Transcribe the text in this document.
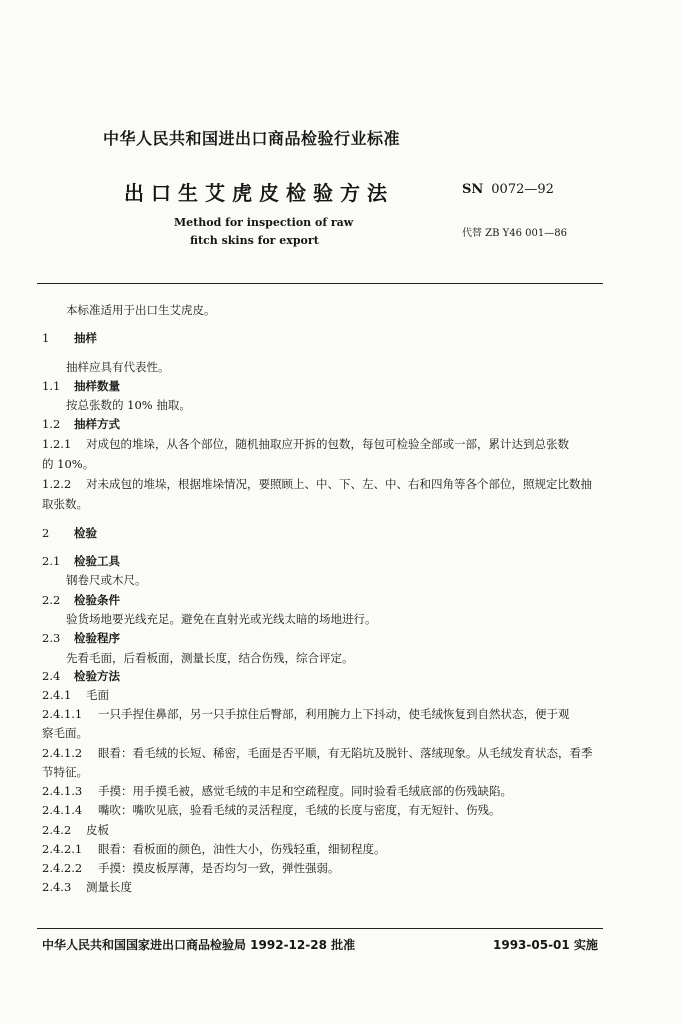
中华人民共和国进出口商品检验行业标准
出口生艾虎皮检验方法	SN 0072—92
Method for inspection of raw
fitch skins for export
代替 ZB Y46 001—86
本标准适用于出口生艾虎皮。
1 抽样
抽样应具有代表性。
1.1 抽样数量
按总张数的 10% 抽取。
1.2 抽样方式
1.2.1 对成包的堆垛，从各个部位，随机抽取应开拆的包数，每包可检验全部或一部，累计达到总张数
的 10%。
1.2.2 对未成包的堆垛，根据堆垛情况，要照顾上、中、下、左、中、右和四角等各个部位，照规定比数抽
取张数。
2 检验
2.1 检验工具
钢卷尺或木尺。
2.2 检验条件
验货场地要光线充足。避免在直射光或光线太暗的场地进行。
2.3 检验程序
先看毛面，后看板面，测量长度，结合伤残，综合评定。
2.4 检验方法
2.4.1 毛面
2.4.1.1 一只手捏住鼻部，另一只手掠住后臀部，利用腕力上下抖动，使毛绒恢复到自然状态，便于观
察毛面。
2.4.1.2 眼看：看毛绒的长短、稀密，毛面是否平顺，有无陷坑及脱针、落绒现象。从毛绒发育状态，看季
节特征。
2.4.1.3 手摸：用手摸毛被，感觉毛绒的丰足和空疏程度。同时验看毛绒底部的伤残缺陷。
2.4.1.4 嘴吹：嘴吹见底，验看毛绒的灵活程度，毛绒的长度与密度，有无短针、伤残。
2.4.2 皮板
2.4.2.1 眼看：看板面的颜色，油性大小，伤残轻重，细韧程度。
2.4.2.2 手摸：摸皮板厚薄，是否均匀一致，弹性强弱。
2.4.3 测量长度
中华人民共和国国家进出口商品检验局 1992-12-28 批准	1993-05-01 实施
